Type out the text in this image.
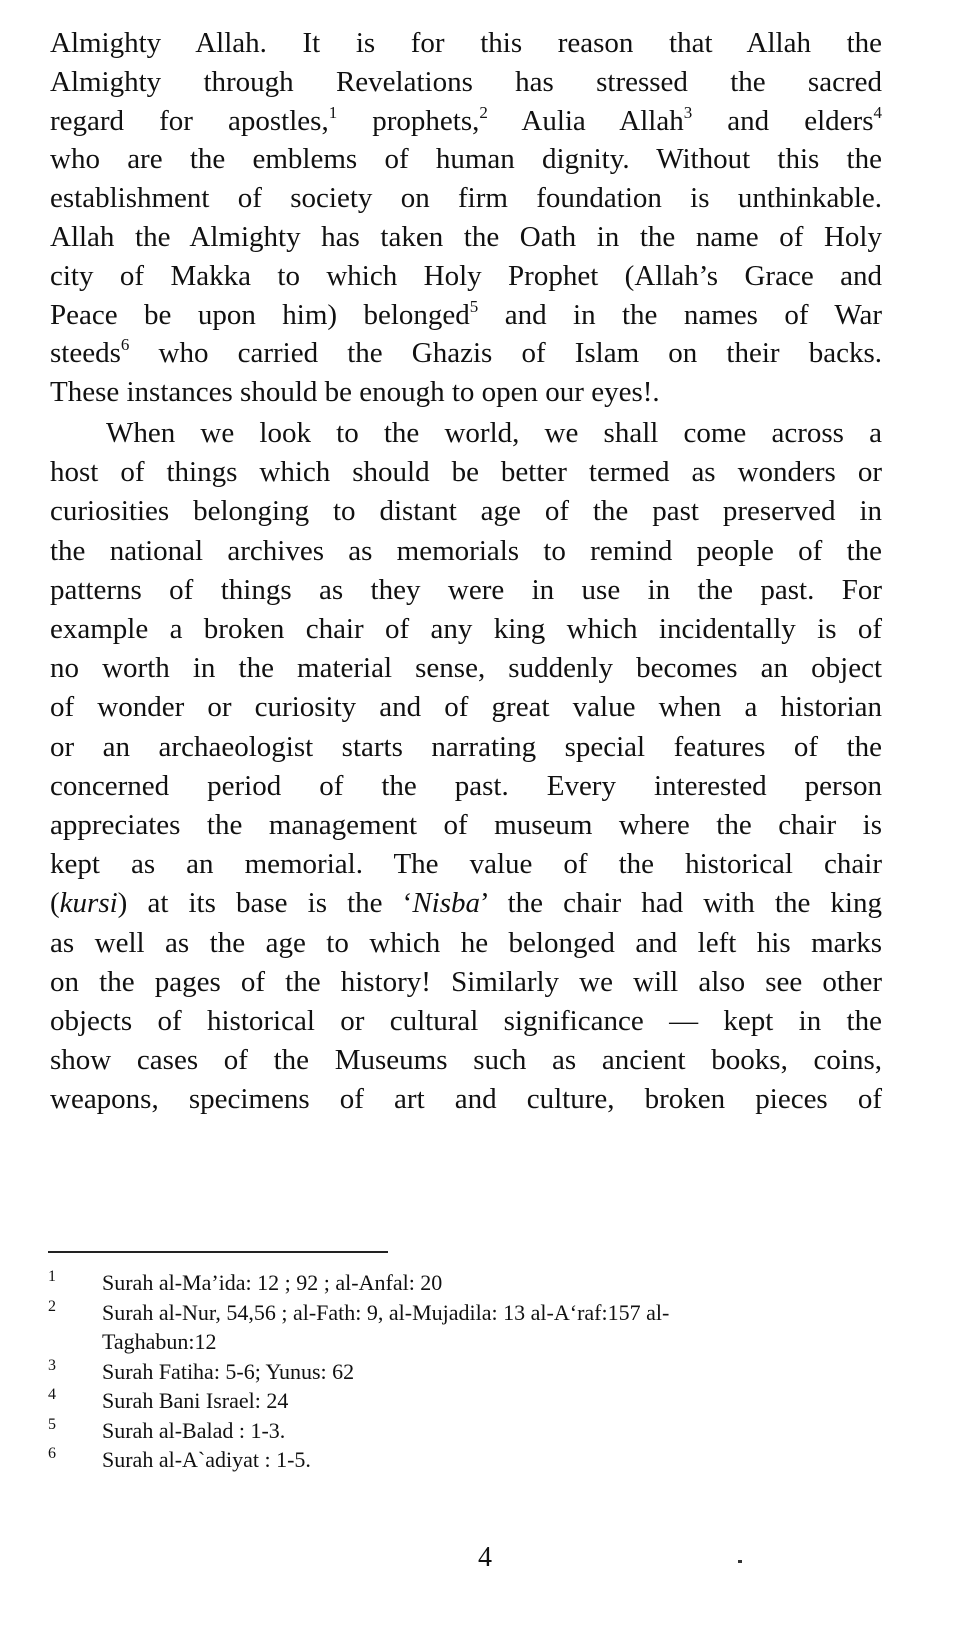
Almighty Allah. It is for this reason that Allah the
Almighty through Revelations has stressed the sacred
regard for apostles,$^1$ prophets,$^2$ Aulia Allah$^3$ and elders$^4$
who are the emblems of human dignity. Without this the
establishment of society on firm foundation is unthinkable.
Allah the Almighty has taken the Oath in the name of Holy
city of Makka to which Holy Prophet (Allah’s Grace and
Peace be upon him) belonged$^5$ and in the names of War
steeds$^6$ who carried the Ghazis of Islam on their backs.
These instances should be enough to open our eyes!.
When we look to the world, we shall come across a
host of things which should be better termed as wonders or
curiosities belonging to distant age of the past preserved in
the national archives as memorials to remind people of the
patterns of things as they were in use in the past. For
example a broken chair of any king which incidentally is of
no worth in the material sense, suddenly becomes an object
of wonder or curiosity and of great value when a historian
or an archaeologist starts narrating special features of the
concerned period of the past. Every interested person
appreciates the management of museum where the chair is
kept as an memorial. The value of the historical chair
(kursi) at its base is the ‘Nisba’ the chair had with the king
as well as the age to which he belonged and left his marks
on the pages of the history! Similarly we will also see other
objects of historical or cultural significance — kept in the
show cases of the Museums such as ancient books, coins,
weapons, specimens of art and culture, broken pieces of
1 Surah al-Ma’ida: 12 ; 92 ; al-Anfal: 20
2 Surah al-Nur, 54,56 ; al-Fath: 9, al-Mujadila: 13 al-A‘raf:157 al-
Taghabun:12
3 Surah Fatiha: 5-6; Yunus: 62
4 Surah Bani Israel: 24
5 Surah al-Balad : 1-3.
6 Surah al-A`adiyat : 1-5.
4
